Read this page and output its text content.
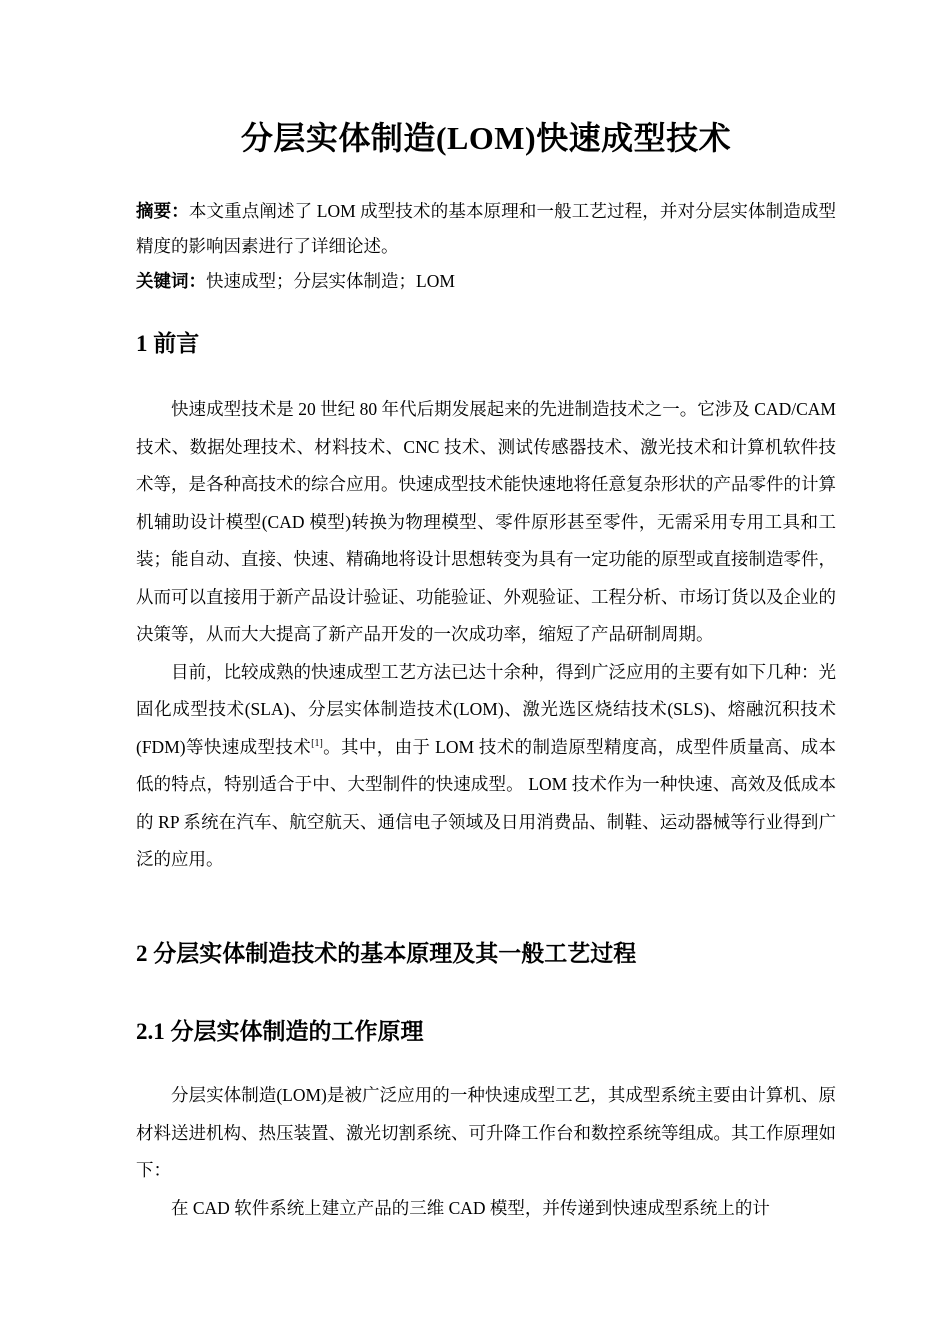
分层实体制造(LOM)快速成型技术

摘要：本文重点阐述了 LOM 成型技术的基本原理和一般工艺过程，并对分层实体制造成型精度的影响因素进行了详细论述。

关键词：快速成型；分层实体制造；LOM

1 前言

快速成型技术是 20 世纪 80 年代后期发展起来的先进制造技术之一。它涉及 CAD/CAM 技术、数据处理技术、材料技术、CNC 技术、测试传感器技术、激光技术和计算机软件技术等，是各种高技术的综合应用。快速成型技术能快速地将任意复杂形状的产品零件的计算机辅助设计模型(CAD 模型)转换为物理模型、零件原形甚至零件，无需采用专用工具和工装；能自动、直接、快速、精确地将设计思想转变为具有一定功能的原型或直接制造零件，从而可以直接用于新产品设计验证、功能验证、外观验证、工程分析、市场订货以及企业的决策等，从而大大提高了新产品开发的一次成功率，缩短了产品研制周期。

目前，比较成熟的快速成型工艺方法已达十余种，得到广泛应用的主要有如下几种：光固化成型技术(SLA)、分层实体制造技术(LOM)、激光选区烧结技术(SLS)、熔融沉积技术(FDM)等快速成型技术[1]。其中，由于 LOM 技术的制造原型精度高，成型件质量高、成本低的特点，特别适合于中、大型制件的快速成型。 LOM 技术作为一种快速、高效及低成本的 RP 系统在汽车、航空航天、通信电子领域及日用消费品、制鞋、运动器械等行业得到广泛的应用。

2 分层实体制造技术的基本原理及其一般工艺过程
2.1 分层实体制造的工作原理

分层实体制造(LOM)是被广泛应用的一种快速成型工艺，其成型系统主要由计算机、原材料送进机构、热压装置、激光切割系统、可升降工作台和数控系统等组成。其工作原理如下：

在 CAD 软件系统上建立产品的三维 CAD 模型，并传递到快速成型系统上的计
